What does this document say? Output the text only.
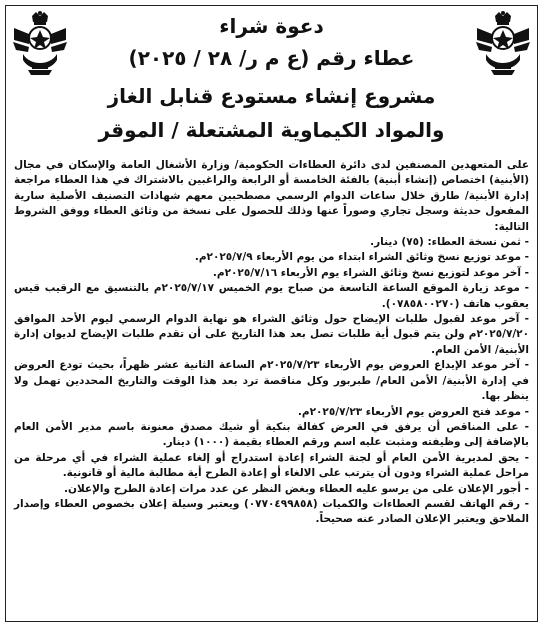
دعوة شراء
عطاء رقم (ع م ر/ ٢٨ / ٢٠٢٥)
مشروع إنشاء مستودع قنابل الغاز
والمواد الكيماوية المشتعلة / الموقر

على المتعهدين المصنفين لدى دائرة العطاءات الحكومية/ وزارة الأشغال العامة والإسكان في مجال (الأبنية) اختصاص (إنشاء أبنية) بالفئة الخامسة أو الرابعة والراغبين بالاشتراك في هذا العطاء مراجعة إدارة الأبنية/ طارق خلال ساعات الدوام الرسمي مصطحبين معهم شهادات التصنيف الأصلية سارية المفعول حديثة وسجل تجاري وصوراً عنها وذلك للحصول على نسخة من وثائق العطاء ووفق الشروط التالية:

- ثمن نسخة العطاء: (٧٥) دينار.
- موعد توزيع نسخ وثائق الشراء ابتداء من يوم الأربعاء ٢٠٢٥/٧/٩م.
- آخر موعد لتوزيع نسخ وثائق الشراء يوم الأربعاء ٢٠٢٥/٧/١٦م.
- موعد زيارة الموقع الساعة التاسعة من صباح يوم الخميس ٢٠٢٥/٧/١٧م بالتنسيق مع الرقيب قيس يعقوب هاتف (٠٧٨٥٨٠٠٢٧٠).
- آخر موعد لقبول طلبات الإيضاح حول وثائق الشراء هو نهاية الدوام الرسمي ليوم الأحد الموافق ٢٠٢٥/٧/٢٠م ولن يتم قبول أية طلبات تصل بعد هذا التاريخ على أن تقدم طلبات الإيضاح لديوان إدارة الأبنية/ الأمن العام.
- آخر موعد الإيداع العروض يوم الأربعاء ٢٠٢٥/٧/٢٣م الساعة الثانية عشر ظهراً، بحيث تودع العروض في إدارة الأبنية/ الأمن العام/ طبربور وكل مناقصة ترد بعد هذا الوقت والتاريخ المحددين تهمل ولا ينظر بها.
- موعد فتح العروض يوم الأربعاء ٢٠٢٥/٧/٢٣م.
- على المناقص أن يرفق في العرض كفالة بنكية أو شيك مصدق معنونة باسم مدير الأمن العام بالإضافة إلى وظيفته ومثبت عليه اسم ورقم العطاء بقيمة (١٠٠٠) دينار.
- يحق لمديرية الأمن العام أو لجنة الشراء إعادة استدراج أو إلغاء عملية الشراء في أي مرحلة من مراحل عملية الشراء ودون أن يترتب على الالغاء أو إعادة الطرح أية مطالبة مالية أو قانونية.
- أجور الإعلان على من يرسو عليه العطاء وبغض النظر عن عدد مرات إعادة الطرح والإعلان.
- رقم الهاتف لقسم العطاءات والكميات (٠٧٧٠٤٩٩٨٥٨) ويعتبر وسيلة إعلان بخصوص العطاء وإصدار الملاحق ويعتبر الإعلان الصادر عنه صحيحاً.
